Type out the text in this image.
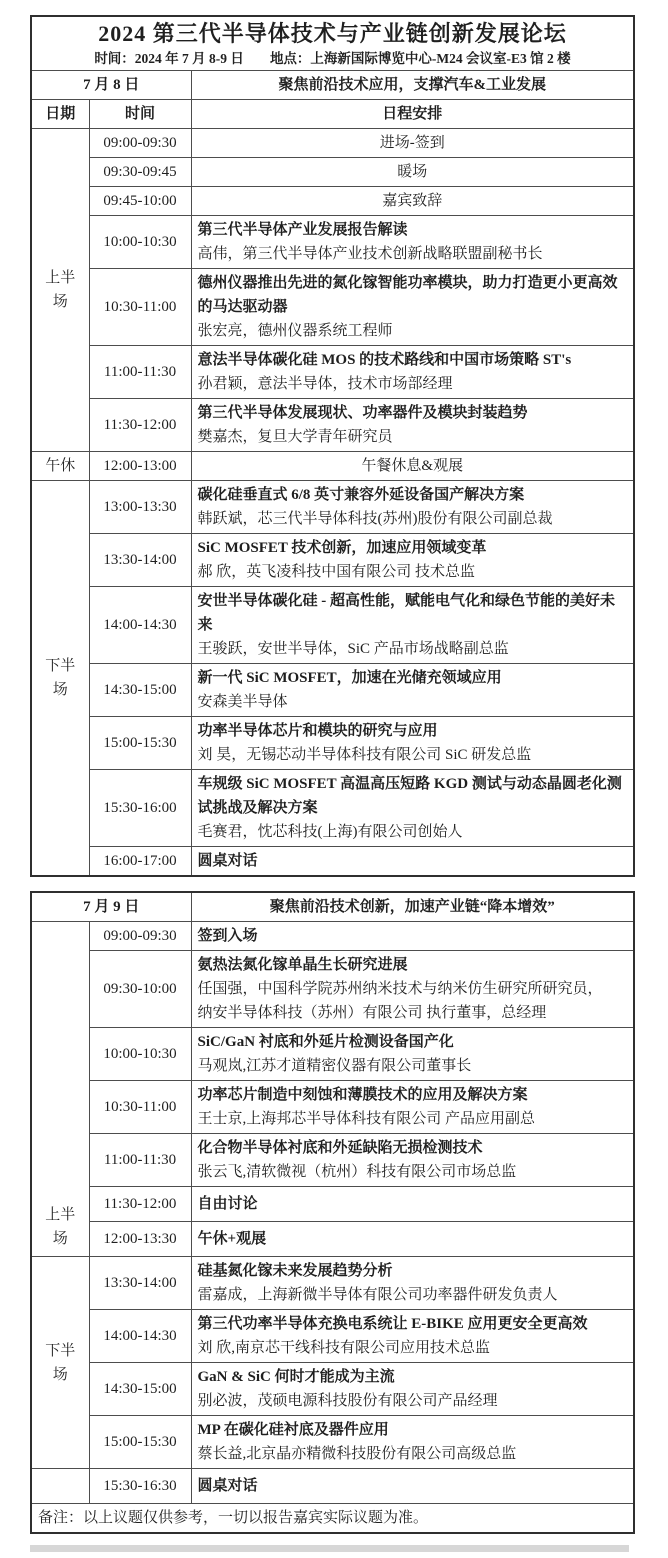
2024 第三代半导体技术与产业链创新发展论坛
时间：2024 年 7 月 8-9 日 地点：上海新国际博览中心-M24 会议室-E3 馆 2 楼		

7 月 8 日		聚焦前沿技术应用，支撑汽车&工业发展
日期	时间	日程安排
上半场	09:00-09:30	进场-签到
	09:30-09:45	暖场
	09:45-10:00	嘉宾致辞
	10:00-10:30	第三代半导体产业发展报告解读
高伟，第三代半导体产业技术创新战略联盟副秘书长

	10:30-11:00	德州仪器推出先进的氮化镓智能功率模块，助力打造更小更高效的马达驱动器
张宏亮，德州仪器系统工程师

	11:00-11:30	意法半导体碳化硅 MOS 的技术路线和中国市场策略 ST's
孙君颖，意法半导体，技术市场部经理

	11:30-12:00	第三代半导体发展现状、功率器件及模块封装趋势
樊嘉杰，复旦大学青年研究员

午休	12:00-13:00	午餐休息&观展
下半场	13:00-13:30	碳化硅垂直式 6/8 英寸兼容外延设备国产解决方案
韩跃斌，芯三代半导体科技(苏州)股份有限公司副总裁

	13:30-14:00	SiC MOSFET 技术创新，加速应用领域变革
郝 欣，英飞凌科技中国有限公司 技术总监

	14:00-14:30	安世半导体碳化硅 - 超高性能，赋能电气化和绿色节能的美好未来
王骏跃，安世半导体，SiC 产品市场战略副总监

	14:30-15:00	新一代 SiC MOSFET，加速在光储充领域应用
安森美半导体

	15:00-15:30	功率半导体芯片和模块的研究与应用
刘 昊，无锡芯动半导体科技有限公司 SiC 研发总监

	15:30-16:00	车规级 SiC MOSFET 高温高压短路 KGD 测试与动态晶圆老化测试挑战及解决方案
毛赛君，忱芯科技(上海)有限公司创始人

	16:00-17:00	圆桌对话
7 月 9 日		聚焦前沿技术创新，加速产业链“降本增效”
上半场	09:00-09:30	签到入场
	09:30-10:00	氨热法氮化镓单晶生长研究进展
任国强，中国科学院苏州纳米技术与纳米仿生研究所研究员，
纳安半导体科技（苏州）有限公司 执行董事，总经理

	10:00-10:30	SiC/GaN 衬底和外延片检测设备国产化
马观岚,江苏才道精密仪器有限公司董事长

	10:30-11:00	功率芯片制造中刻蚀和薄膜技术的应用及解决方案
王士京,上海邦芯半导体科技有限公司 产品应用副总

	11:00-11:30	化合物半导体衬底和外延缺陷无损检测技术
张云飞,清软微视（杭州）科技有限公司市场总监

	11:30-12:00	自由讨论
	12:00-13:30	午休+观展
下半场	13:30-14:00	硅基氮化镓未来发展趋势分析
雷嘉成，上海新微半导体有限公司功率器件研发负责人

	14:00-14:30	第三代功率半导体充换电系统让 E-BIKE 应用更安全更高效
刘 欣,南京芯干线科技有限公司应用技术总监

	14:30-15:00	GaN & SiC 何时才能成为主流
别必波，茂硕电源科技股份有限公司产品经理

	15:00-15:30	MP 在碳化硅衬底及器件应用
蔡长益,北京晶亦精微科技股份有限公司高级总监

	15:30-16:30	圆桌对话
备注：以上议题仅供参考，一切以报告嘉宾实际议题为准。		
